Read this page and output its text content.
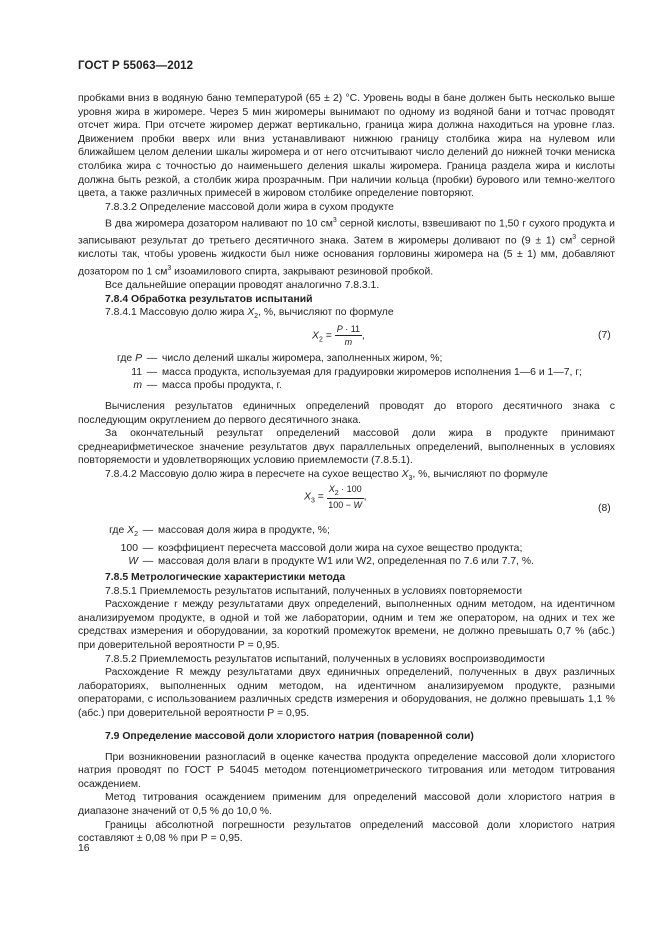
ГОСТ Р 55063—2012

пробками вниз в водяную баню температурой (65 ± 2) °С. Уровень воды в бане должен быть несколько выше уровня жира в жиромере. Через 5 мин жиромеры вынимают по одному из водяной бани и тотчас проводят отсчет жира. При отсчете жиромер держат вертикально, граница жира должна находиться на уровне глаз. Движением пробки вверх или вниз устанавливают нижнюю границу столбика жира на нулевом или ближайшем целом делении шкалы жиромера и от него отсчитывают число делений до нижней точки мениска столбика жира с точностью до наименьшего деления шкалы жиромера. Граница раздела жира и кислоты должна быть резкой, а столбик жира прозрачным. При наличии кольца (пробки) бурового или темно-желтого цвета, а также различных примесей в жировом столбике определение повторяют.

7.8.3.2 Определение массовой доли жира в сухом продукте

В два жиромера дозатором наливают по 10 $см^3$ серной кислоты, взвешивают по 1,50 г сухого продукта и записывают результат до третьего десятичного знака. Затем в жиромеры доливают по (9 ± 1) $см^3$ серной кислоты так, чтобы уровень жидкости был ниже основания горловины жиромера на (5 ± 1) мм, добавляют дозатором по 1 $см^3$ изоамилового спирта, закрывают резиновой пробкой.

Все дальнейшие операции проводят аналогично 7.8.3.1.

7.8.4 Обработка результатов испытаний

7.8.4.1 Массовую долю жира $X_2$, %, вычисляют по формуле

$X_2 = \frac{P \cdot 11}{m}$ ,	(7)
где P — число делений шкалы жиромера, заполненных жиром, %;
11 — масса продукта, используемая для градуировки жиромеров исполнения 1—6 и 1—7, г;
m — масса пробы продукта, г.

Вычисления результатов единичных определений проводят до второго десятичного знака с последующим округлением до первого десятичного знака.

За окончательный результат определений массовой доли жира в продукте принимают среднеарифметическое значение результатов двух параллельных определений, выполненных в условиях повторяемости и удовлетворяющих условию приемлемости (7.8.5.1).

7.8.4.2 Массовую долю жира в пересчете на сухое вещество $X_3$, %, вычисляют по формуле

$X_3 = \frac{X_2 \cdot 100}{100 - W}$ ,
(8)
где $X_2$ — массовая доля жира в продукте, %;
100 — коэффициент пересчета массовой доли жира на сухое вещество продукта;
W — массовая доля влаги в продукте W1 или W2, определенная по 7.6 или 7.7, %.

7.8.5 Метрологические характеристики метода

7.8.5.1 Приемлемость результатов испытаний, полученных в условиях повторяемости

Расхождение r между результатами двух определений, выполненных одним методом, на идентичном анализируемом продукте, в одной и той же лаборатории, одним и тем же оператором, на одних и тех же средствах измерения и оборудовании, за короткий промежуток времени, не должно превышать 0,7 % (абс.) при доверительной вероятности Р = 0,95.

7.8.5.2 Приемлемость результатов испытаний, полученных в условиях воспроизводимости

Расхождение R между результатами двух единичных определений, полученных в двух различных лабораториях, выполненных одним методом, на идентичном анализируемом продукте, разными операторами, с использованием различных средств измерения и оборудования, не должно превышать 1,1 % (абс.) при доверительной вероятности Р = 0,95.

7.9 Определение массовой доли хлористого натрия (поваренной соли)

При возникновении разногласий в оценке качества продукта определение массовой доли хлористого натрия проводят по ГОСТ Р 54045 методом потенциометрического титрования или методом титрования осаждением.

Метод титрования осаждением применим для определений массовой доли хлористого натрия в диапазоне значений от 0,5 % до 10,0 %.

Границы абсолютной погрешности результатов определений массовой доли хлористого натрия составляют ± 0,08 % при Р = 0,95.

16
